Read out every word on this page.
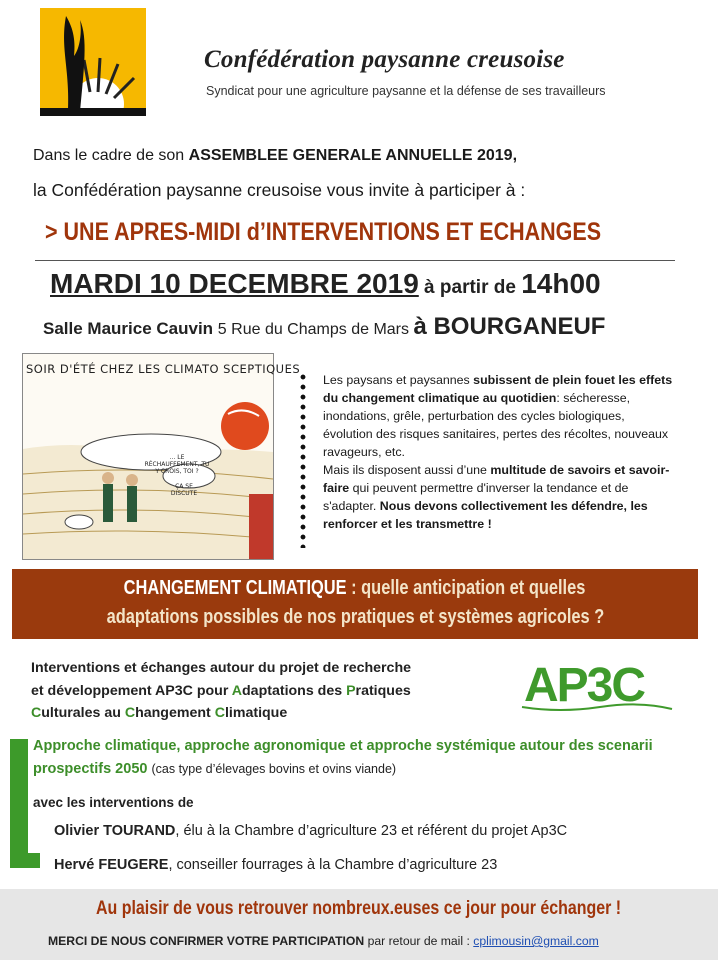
Confédération paysanne creusoise
Syndicat pour une agriculture paysanne et la défense de ses travailleurs
Dans le cadre de son ASSEMBLEE GENERALE ANNUELLE 2019,
la Confédération paysanne creusoise vous invite à participer à :
> UNE APRES-MIDI d’INTERVENTIONS ET ECHANGES
MARDI 10 DECEMBRE 2019 à partir de 14h00
Salle Maurice Cauvin 5 Rue du Champs de Mars à BOURGANEUF
SOIR D'ÉTÉ CHEZ LES CLIMATO SCEPTIQUES
... LE RÉCHAUFFEMENT, TU Y CROIS, TOI ?
ÇA SE DISCUTE
Les paysans et paysannes subissent de plein fouet les effets du changement climatique au quotidien: sécheresse, inondations, grêle, perturbation des cycles biologiques, évolution des risques sanitaires, pertes des récoltes, nouveaux ravageurs, etc.
Mais ils disposent aussi d’une multitude de savoirs et savoir-faire qui peuvent permettre d'inverser la tendance et de s'adapter. Nous devons collectivement les défendre, les renforcer et les transmettre !
CHANGEMENT CLIMATIQUE : quelle anticipation et quelles
adaptations possibles de nos pratiques et systèmes agricoles ?
Interventions et échanges autour du projet de recherche
et développement AP3C pour Adaptations des Pratiques
Culturales au Changement Climatique
AP3C
Approche climatique, approche agronomique et approche systémique autour des scenarii prospectifs 2050 (cas type d’élevages bovins et ovins viande)
avec les interventions de
Olivier TOURAND, élu à la Chambre d’agriculture 23 et référent du projet Ap3C
Hervé FEUGERE, conseiller fourrages à la Chambre d’agriculture 23
Au plaisir de vous retrouver nombreux.euses ce jour pour échanger !
MERCI DE NOUS CONFIRMER VOTRE PARTICIPATION par retour de mail : cplimousin@gmail.com
